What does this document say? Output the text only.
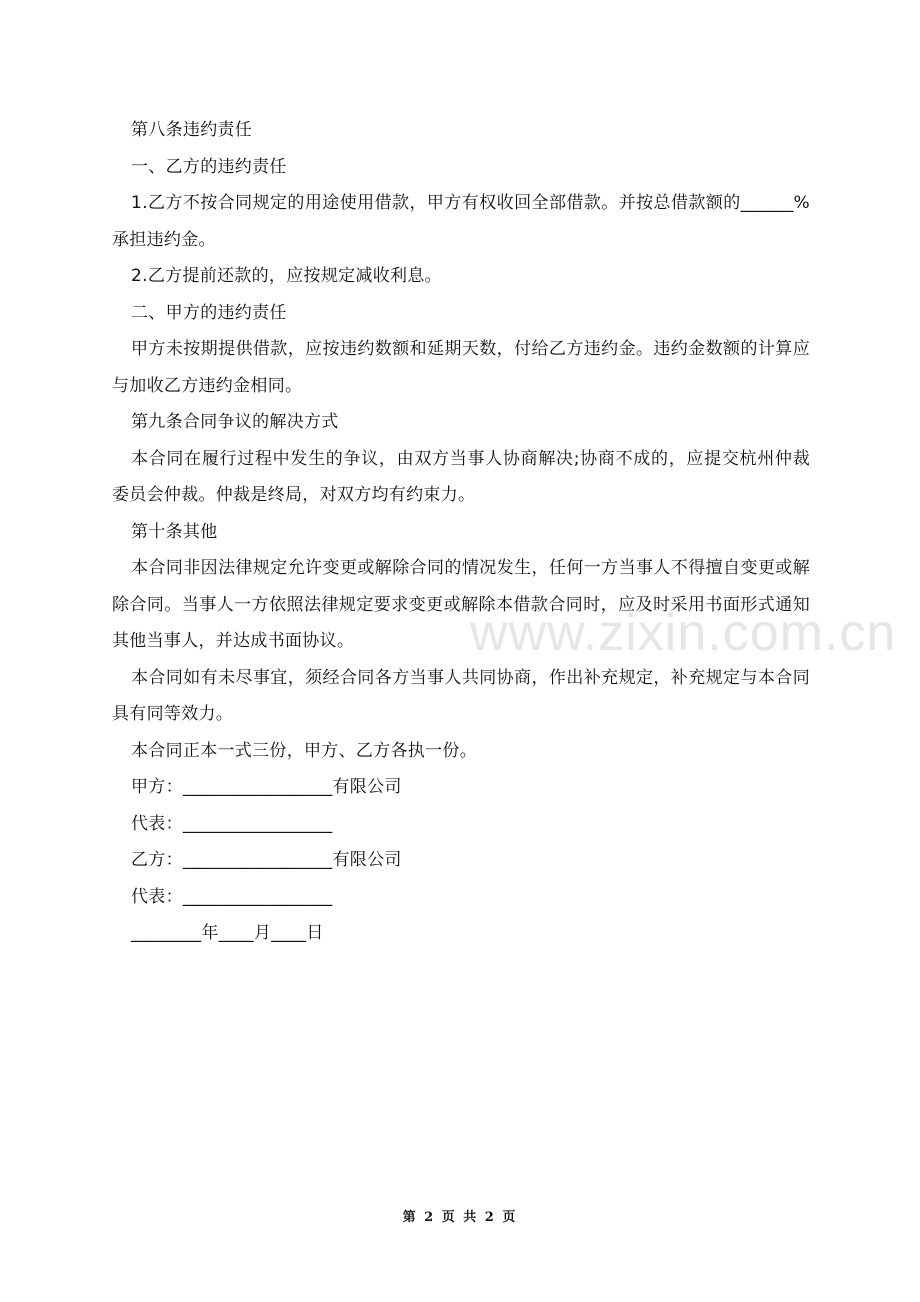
www.zixin.com.cn

第八条违约责任

一、乙方的违约责任

1.乙方不按合同规定的用途使用借款，甲方有权收回全部借款。并按总借款额的______%承担违约金。

2.乙方提前还款的，应按规定减收利息。

二、甲方的违约责任

甲方未按期提供借款，应按违约数额和延期天数，付给乙方违约金。违约金数额的计算应与加收乙方违约金相同。

第九条合同争议的解决方式

本合同在履行过程中发生的争议，由双方当事人协商解决;协商不成的，应提交杭州仲裁委员会仲裁。仲裁是终局，对双方均有约束力。

第十条其他

本合同非因法律规定允许变更或解除合同的情况发生，任何一方当事人不得擅自变更或解除合同。当事人一方依照法律规定要求变更或解除本借款合同时，应及时采用书面形式通知其他当事人，并达成书面协议。

本合同如有未尽事宜，须经合同各方当事人共同协商，作出补充规定，补充规定与本合同具有同等效力。

本合同正本一式三份，甲方、乙方各执一份。

甲方：_________________有限公司

代表：_________________

乙方：_________________有限公司

代表：_________________

________年____月____日

第 2 页 共 2 页
